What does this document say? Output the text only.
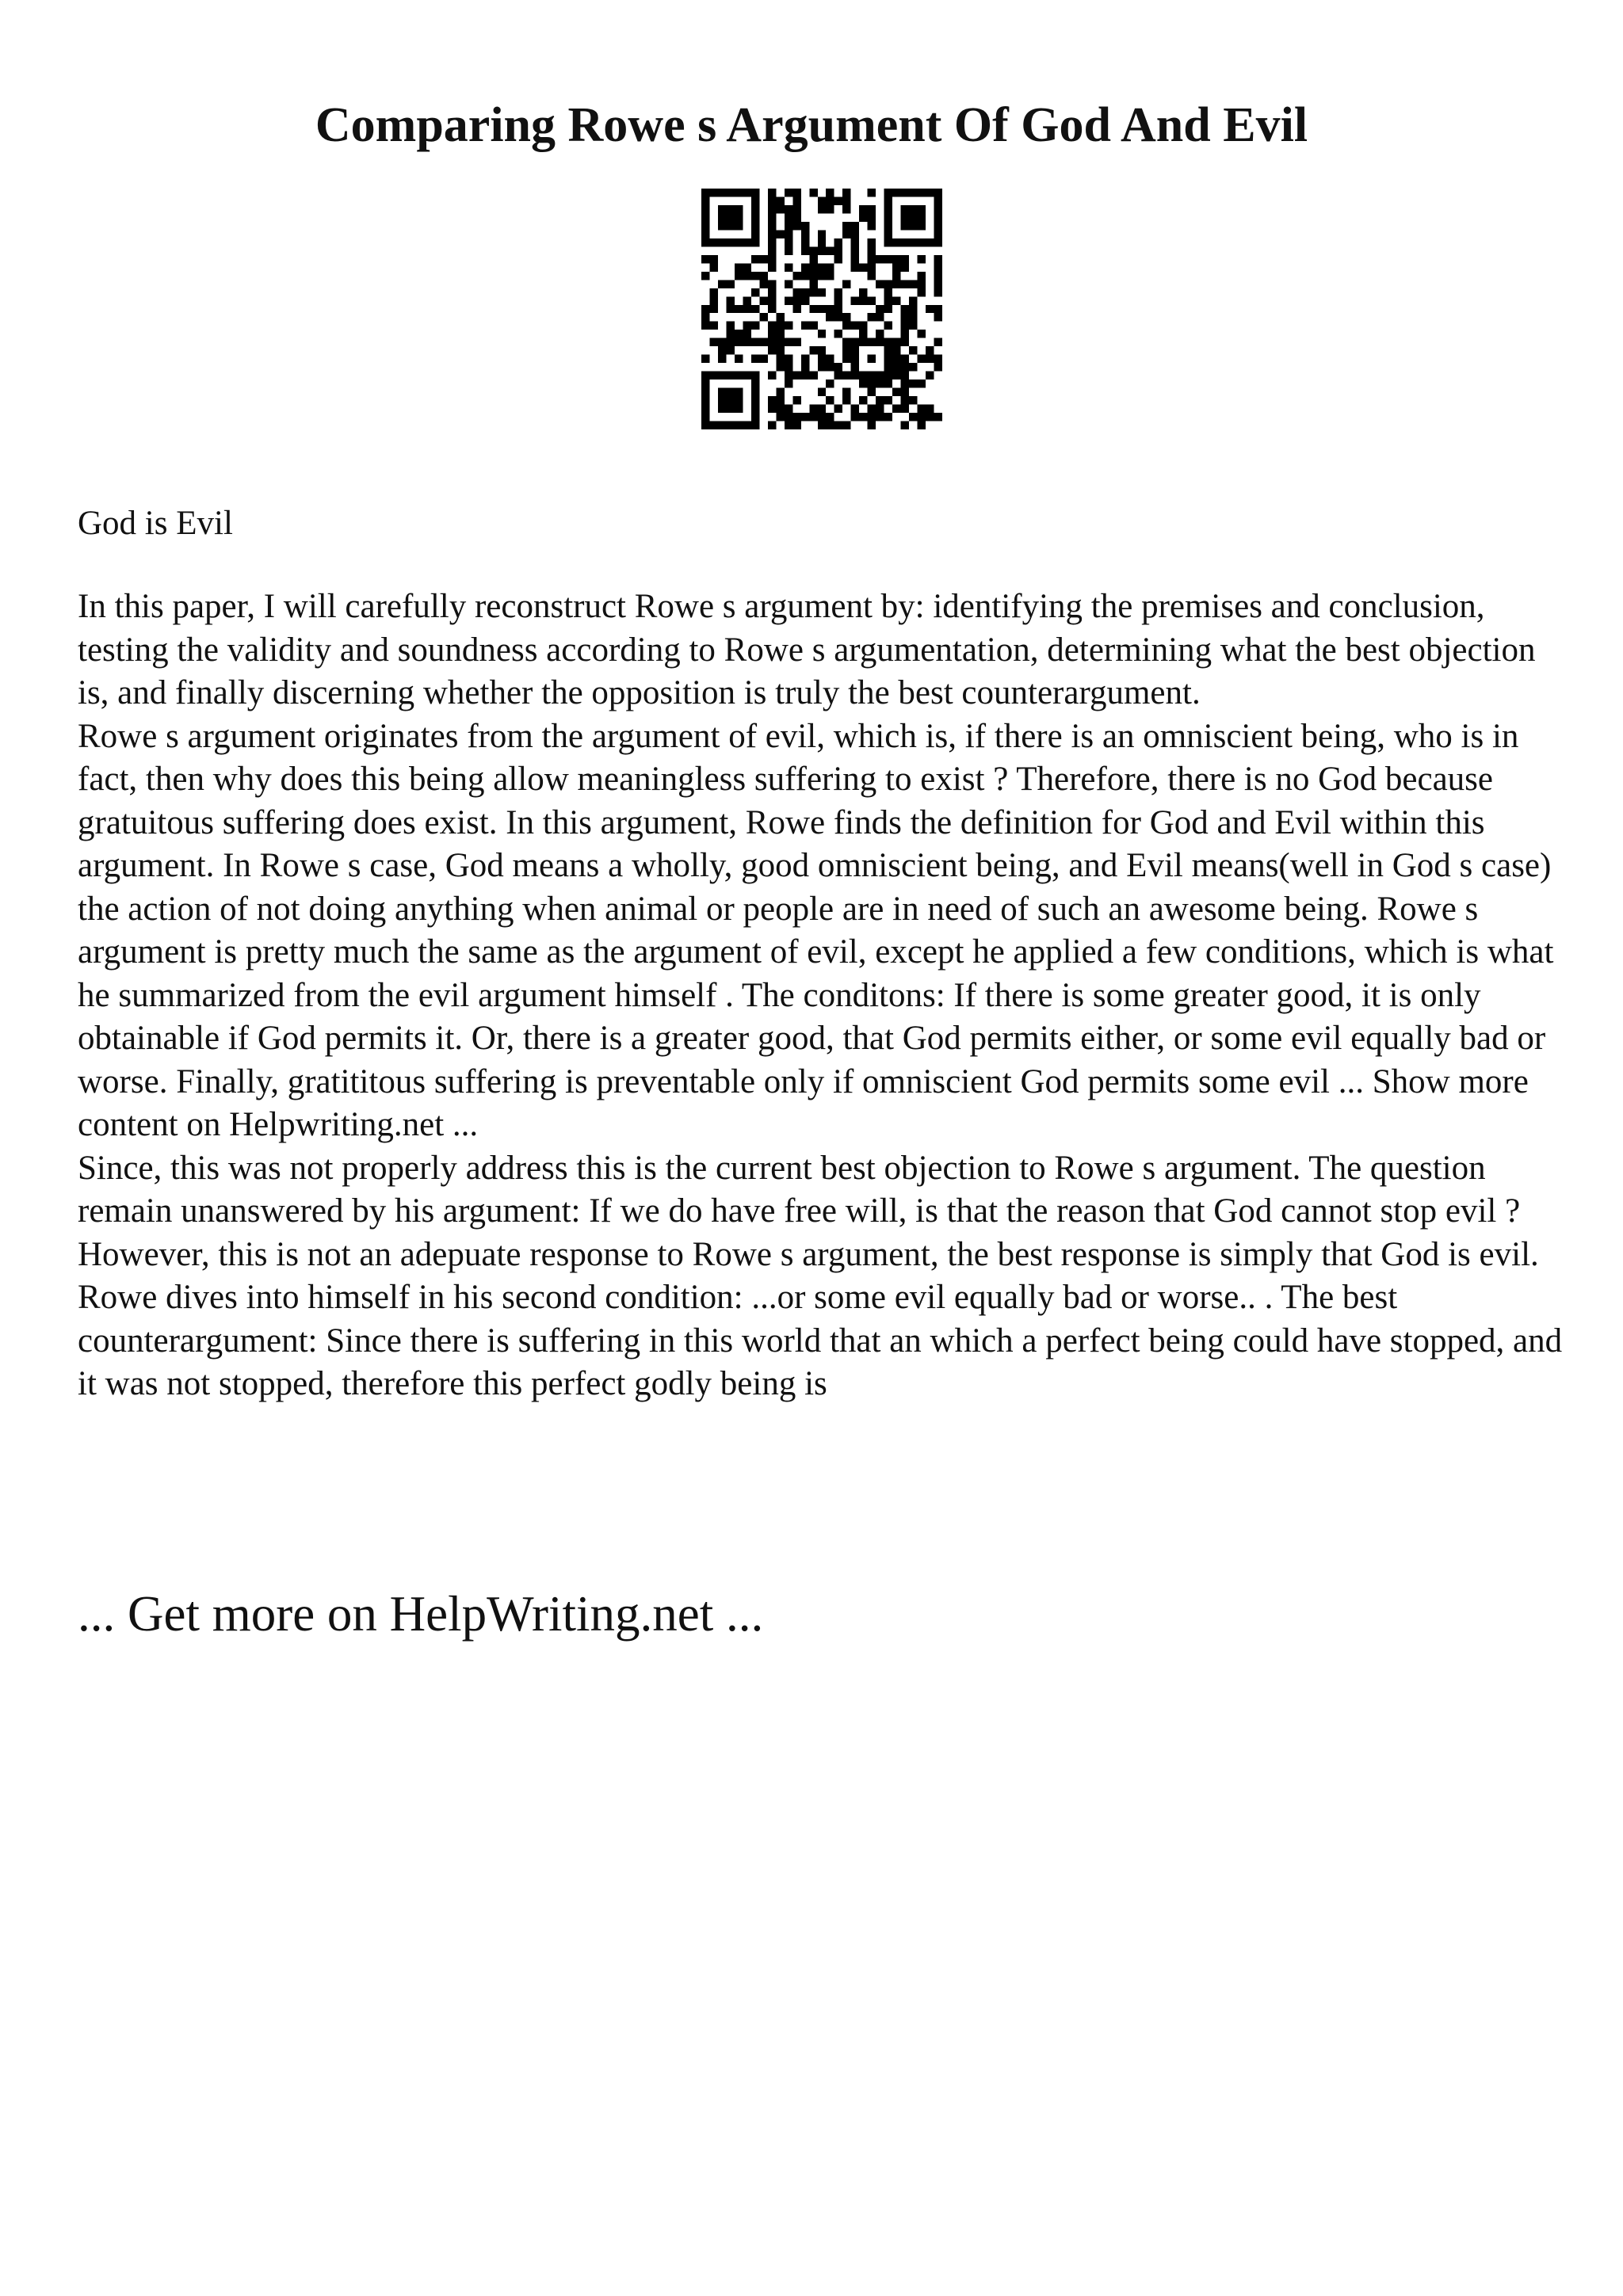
Comparing Rowe s Argument Of God And Evil

God is Evil

In this paper, I will carefully reconstruct Rowe s argument by: identifying the premises and conclusion, testing the validity and soundness according to Rowe s argumentation, determining what the best objection is, and finally discerning whether the opposition is truly the best counterargument.

Rowe s argument originates from the argument of evil, which is, if there is an omniscient being, who is in fact, then why does this being allow meaningless suffering to exist ? Therefore, there is no God because gratuitous suffering does exist. In this argument, Rowe finds the definition for God and Evil within this argument. In Rowe s case, God means a wholly, good omniscient being, and Evil means(well in God s case) the action of not doing anything when animal or people are in need of such an awesome being. Rowe s argument is pretty much the same as the argument of evil, except he applied a few conditions, which is what he summarized from the evil argument himself . The conditons: If there is some greater good, it is only obtainable if God permits it. Or, there is a greater good, that God permits either, or some evil equally bad or worse. Finally, gratititous suffering is preventable only if omniscient God permits some evil ... Show more content on Helpwriting.net ...

Since, this was not properly address this is the current best objection to Rowe s argument. The question remain unanswered by his argument: If we do have free will, is that the reason that God cannot stop evil ? However, this is not an adepuate response to Rowe s argument, the best response is simply that God is evil. Rowe dives into himself in his second condition: ...or some evil equally bad or worse.. . The best counterargument: Since there is suffering in this world that an which a perfect being could have stopped, and it was not stopped, therefore this perfect godly being is

... Get more on HelpWriting.net ...
